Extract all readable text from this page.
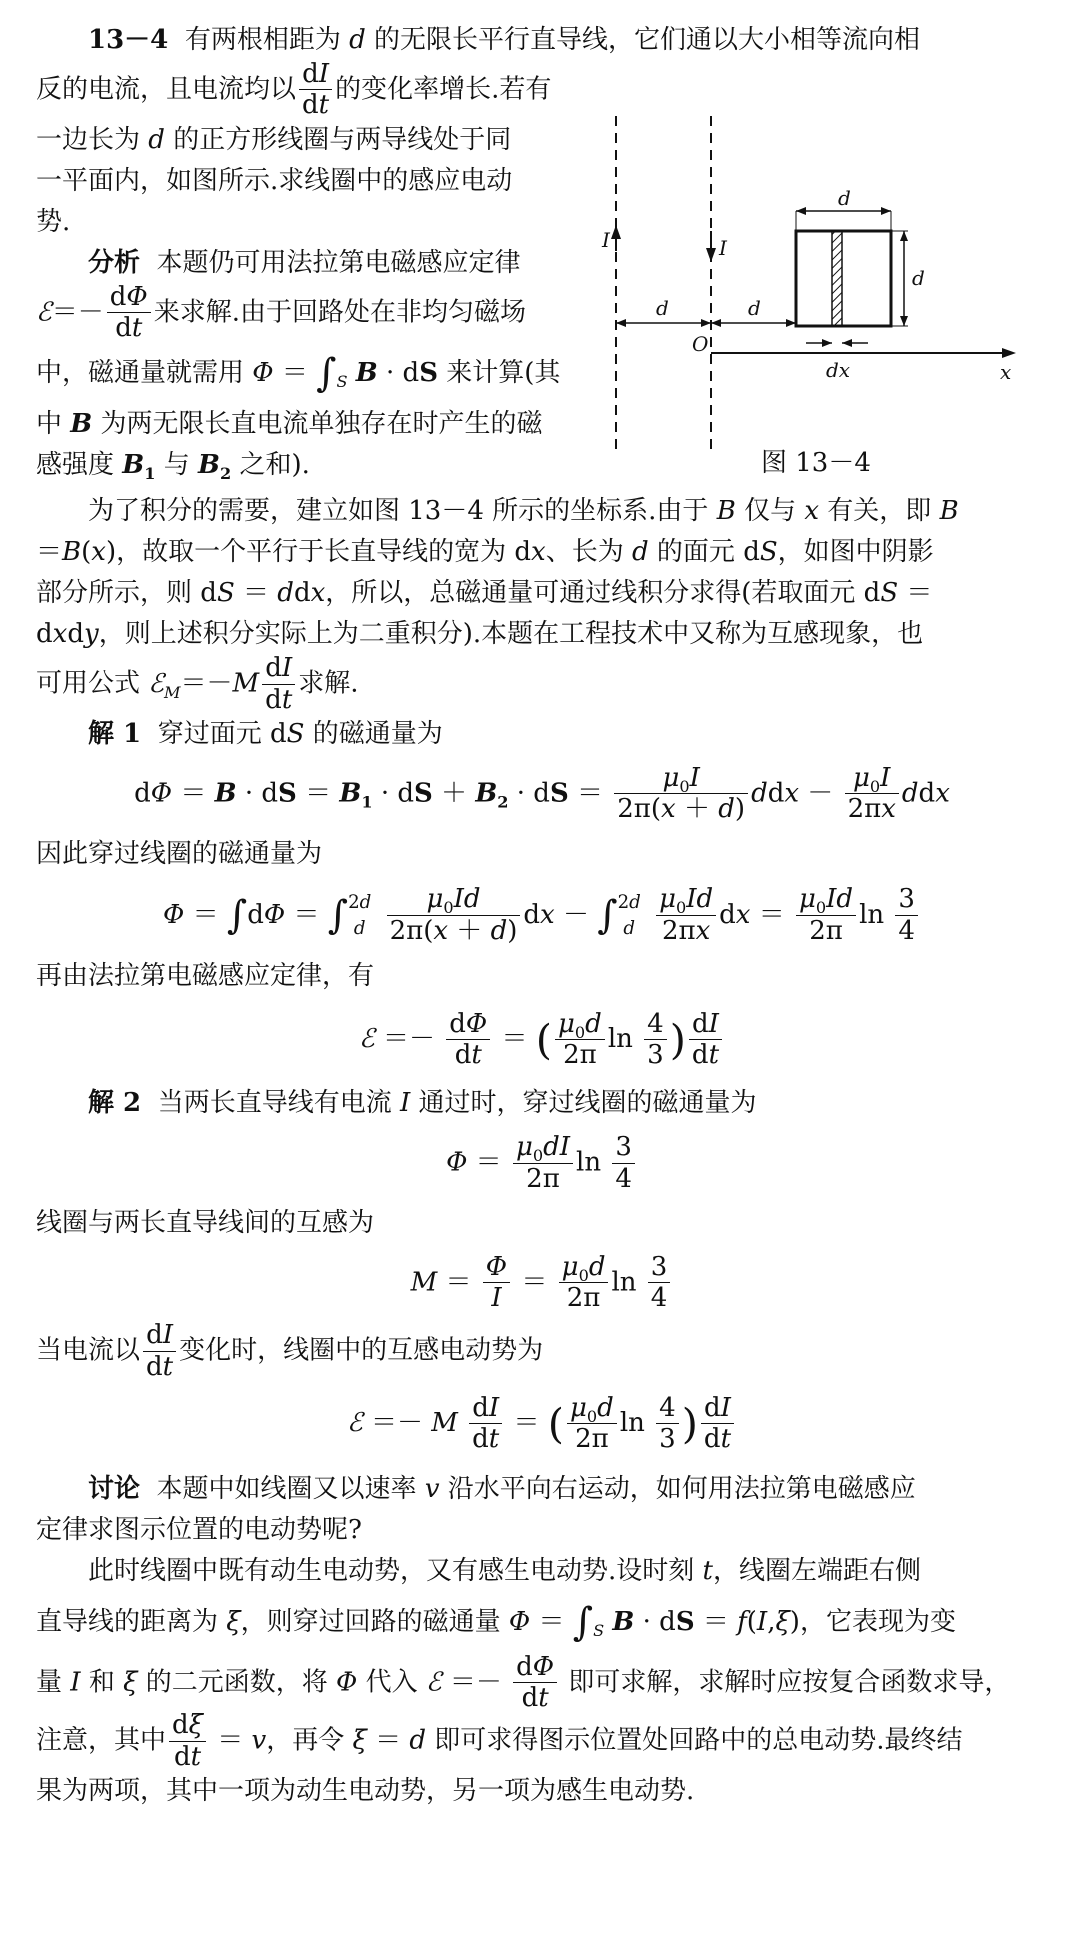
13－4 有两根相距为 d 的无限长平行直导线，它们通以大小相等流向相

反的电流，且电流均以 $\frac{dI}{dt}$ 的变化率增长.若有

一边长为 d 的正方形线圈与两导线处于同

一平面内，如图所示.求线圈中的感应电动

势.

分析 本题仍可用法拉第电磁感应定律

ℰ＝－ $\frac{d\Phi}{dt}$ 来求解.由于回路处在非均匀磁场

中，磁通量就需用 $\Phi = \int_S$ B · dS 来计算(其

中 B 为两无限长直电流单独存在时产生的磁

感强度 $B_1$ 与 $B_2$ 之和).

I	I
d	d
d
d
O
x
dx
图 13－4

为了积分的需要，建立如图 13－4 所示的坐标系.由于 B 仅与 x 有关，即 B

＝B(x)，故取一个平行于长直导线的宽为 dx、长为 d 的面元 dS，如图中阴影

部分所示，则 dS ＝ ddx，所以，总磁通量可通过线积分求得(若取面元 dS ＝

dxdy，则上述积分实际上为二重积分).本题在工程技术中又称为互感现象，也

可用公式 ℰ$_M$＝－M $\frac{dI}{dt}$ 求解.

解 1 穿过面元 dS 的磁通量为

dΦ ＝ B · dS ＝ $B_1$ · dS ＋ $B_2$ · dS ＝ $\frac{\mu_0I}{2\pi(x + d)}$ ddx － $\frac{\mu_0I}{2\pi x}$ ddx

因此穿过线圈的磁通量为

Φ ＝ ∫dΦ ＝ ∫ 2d
d
$\frac{\mu_0Id}{2\pi(x + d)}$ dx － ∫ 2d
d
$\frac{\mu_0Id}{2\pi x}$ dx ＝ $\frac{\mu_0Id}{2\pi}$ $\ln \frac{3}{4}$

再由法拉第电磁感应定律，有

ℰ ＝－ $\frac{d\Phi}{dt}$ ＝ ( $\frac{\mu_0d}{2\pi}$ $\ln \frac{4}{3}$ ) $\frac{dI}{dt}$

解 2 当两长直导线有电流 I 通过时，穿过线圈的磁通量为

$\Phi = \frac{\mu_0dI}{2\pi}$ $\ln \frac{3}{4}$

线圈与两长直导线间的互感为

$M = \frac{\Phi}{I} = \frac{\mu_0d}{2\pi}$ $\ln \frac{3}{4}$

当电流以 $\frac{dI}{dt}$ 变化时，线圈中的互感电动势为

ℰ ＝－ M $\frac{dI}{dt}$ ＝ ( $\frac{\mu_0d}{2\pi}$ $\ln \frac{4}{3}$ ) $\frac{dI}{dt}$

讨论 本题中如线圈又以速率 v 沿水平向右运动，如何用法拉第电磁感应

定律求图示位置的电动势呢?

此时线圈中既有动生电动势，又有感生电动势.设时刻 t，线圈左端距右侧

直导线的距离为 ξ，则穿过回路的磁通量 $\Phi = \int_S$ B · dS ＝ f(I,ξ)，它表现为变

量 I 和 ξ 的二元函数，将 Φ 代入 ℰ ＝－ $\frac{d\Phi}{dt}$ 即可求解，求解时应按复合函数求导，

注意，其中 $\frac{d\xi}{dt} = v$，再令 ξ ＝ d 即可求得图示位置处回路中的总电动势.最终结

果为两项，其中一项为动生电动势，另一项为感生电动势.
